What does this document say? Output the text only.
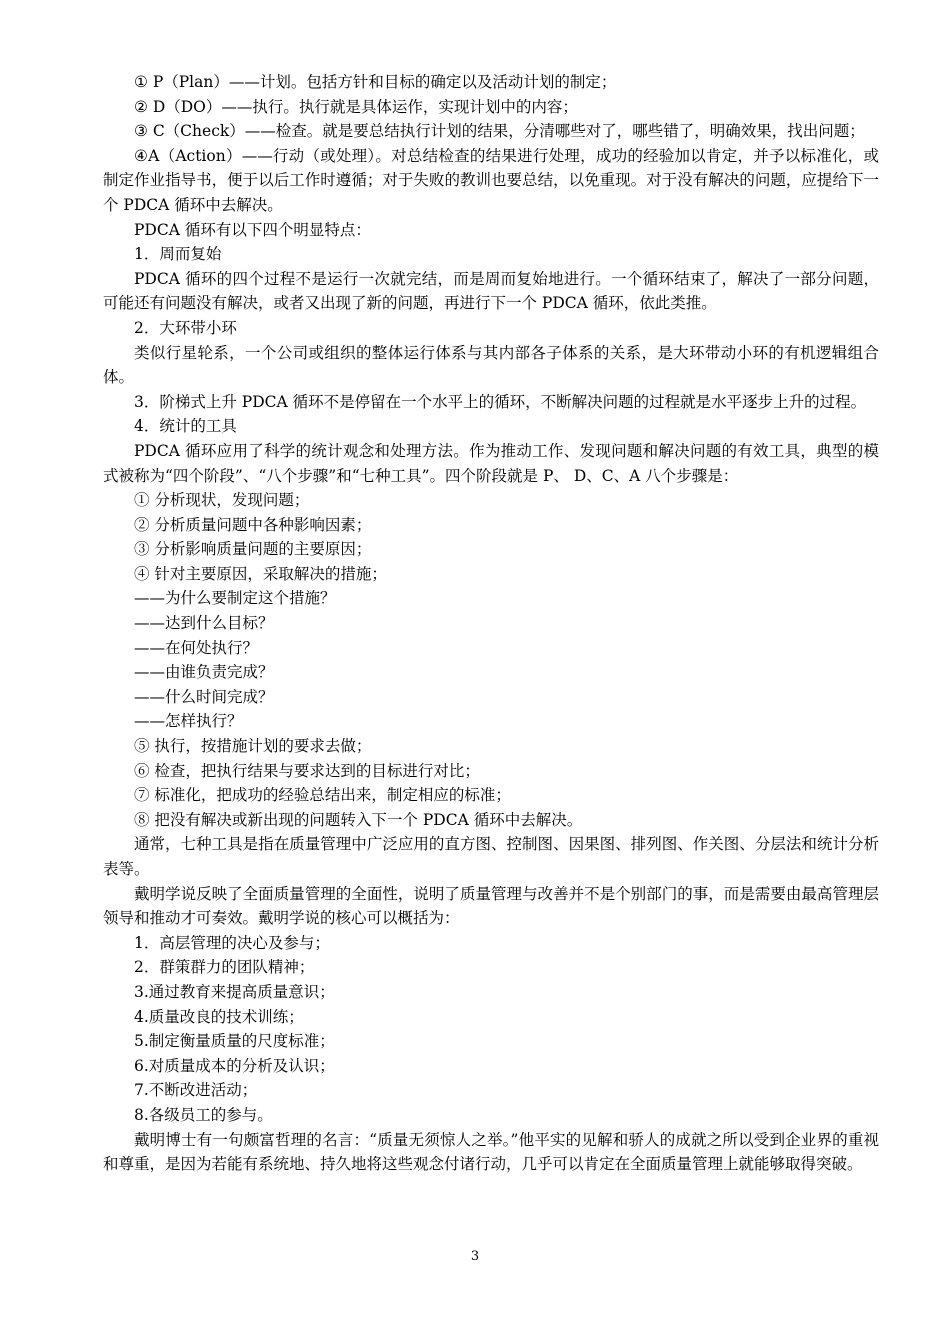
① P（Plan）——计划。包括方针和目标的确定以及活动计划的制定；

② D（DO）——执行。执行就是具体运作，实现计划中的内容；

③ C（Check）——检查。就是要总结执行计划的结果，分清哪些对了，哪些错了，明确效果，找出问题；

④A（Action）——行动（或处理）。对总结检查的结果进行处理，成功的经验加以肯定，并予以标准化，或制定作业指导书，便于以后工作时遵循；对于失败的教训也要总结，以免重现。对于没有解决的问题，应提给下一个 PDCA 循环中去解决。

PDCA 循环有以下四个明显特点：

1．周而复始

PDCA 循环的四个过程不是运行一次就完结，而是周而复始地进行。一个循环结束了，解决了一部分问题，可能还有问题没有解决，或者又出现了新的问题，再进行下一个 PDCA 循环，依此类推。

2．大环带小环

类似行星轮系，一个公司或组织的整体运行体系与其内部各子体系的关系，是大环带动小环的有机逻辑组合体。

3．阶梯式上升 PDCA 循环不是停留在一个水平上的循环，不断解决问题的过程就是水平逐步上升的过程。

4．统计的工具

PDCA 循环应用了科学的统计观念和处理方法。作为推动工作、发现问题和解决问题的有效工具，典型的模式被称为“四个阶段”、“八个步骤”和“七种工具”。四个阶段就是 P、 D、C、A 八个步骤是：

① 分析现状，发现问题；

② 分析质量问题中各种影响因素；

③ 分析影响质量问题的主要原因；

④ 针对主要原因，采取解决的措施；

——为什么要制定这个措施？

——达到什么目标？

——在何处执行？

——由谁负责完成？

——什么时间完成？

——怎样执行？

⑤ 执行，按措施计划的要求去做；

⑥ 检查，把执行结果与要求达到的目标进行对比；

⑦ 标准化，把成功的经验总结出来，制定相应的标准；

⑧ 把没有解决或新出现的问题转入下一个 PDCA 循环中去解决。

通常，七种工具是指在质量管理中广泛应用的直方图、控制图、因果图、排列图、作关图、分层法和统计分析表等。

戴明学说反映了全面质量管理的全面性，说明了质量管理与改善并不是个别部门的事，而是需要由最高管理层领导和推动才可奏效。戴明学说的核心可以概括为：

1．高层管理的决心及参与；

2．群策群力的团队精神；

3.通过教育来提高质量意识；

4.质量改良的技术训练；

5.制定衡量质量的尺度标准；

6.对质量成本的分析及认识；

7.不断改进活动；

8.各级员工的参与。

戴明博士有一句颇富哲理的名言：“质量无须惊人之举。”他平实的见解和骄人的成就之所以受到企业界的重视和尊重，是因为若能有系统地、持久地将这些观念付诸行动，几乎可以肯定在全面质量管理上就能够取得突破。

3
